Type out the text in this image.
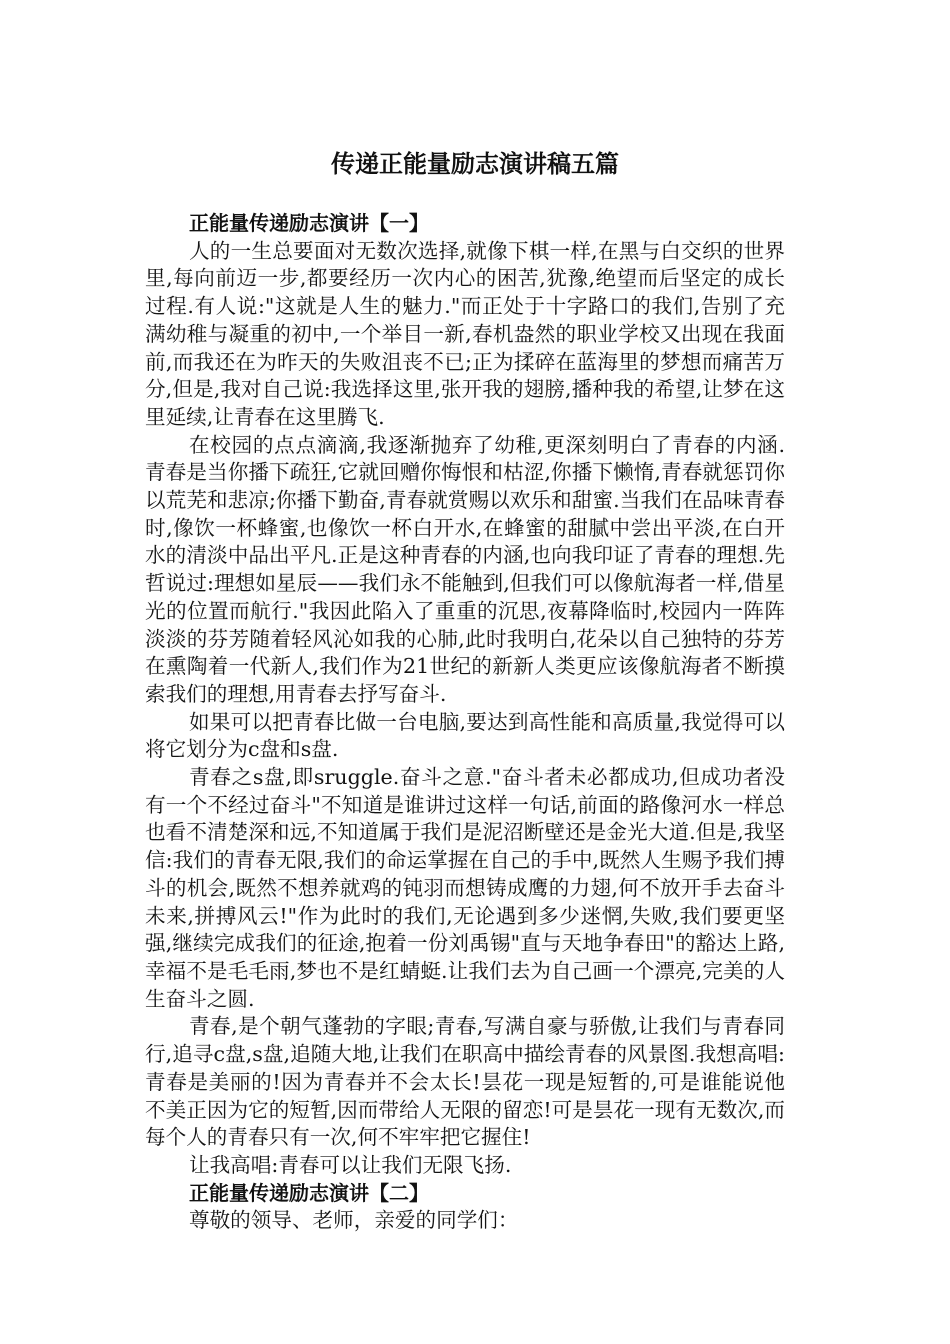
传递正能量励志演讲稿五篇
正能量传递励志演讲【一】

人的一生总要面对无数次选择,就像下棋一样,在黑与白交织的世界里,每向前迈一步,都要经历一次内心的困苦,犹豫,绝望而后坚定的成长过程.有人说:"这就是人生的魅力."而正处于十字路口的我们,告别了充满幼稚与凝重的初中,一个举目一新,春机盎然的职业学校又出现在我面前,而我还在为昨天的失败沮丧不已;正为揉碎在蓝海里的梦想而痛苦万分,但是,我对自己说:我选择这里,张开我的翅膀,播种我的希望,让梦在这里延续,让青春在这里腾飞.

在校园的点点滴滴,我逐渐抛弃了幼稚,更深刻明白了青春的内涵.青春是当你播下疏狂,它就回赠你悔恨和枯涩,你播下懒惰,青春就惩罚你以荒芜和悲凉;你播下勤奋,青春就赏赐以欢乐和甜蜜.当我们在品味青春时,像饮一杯蜂蜜,也像饮一杯白开水,在蜂蜜的甜腻中尝出平淡,在白开水的清淡中品出平凡.正是这种青春的内涵,也向我印证了青春的理想.先哲说过:理想如星辰——我们永不能触到,但我们可以像航海者一样,借星光的位置而航行."我因此陷入了重重的沉思,夜幕降临时,校园内一阵阵淡淡的芬芳随着轻风沁如我的心肺,此时我明白,花朵以自己独特的芬芳在熏陶着一代新人,我们作为21世纪的新新人类更应该像航海者不断摸索我们的理想,用青春去抒写奋斗.

如果可以把青春比做一台电脑,要达到高性能和高质量,我觉得可以将它划分为c盘和s盘.

青春之s盘,即sruggle.奋斗之意."奋斗者未必都成功,但成功者没有一个不经过奋斗"不知道是谁讲过这样一句话,前面的路像河水一样总也看不清楚深和远,不知道属于我们是泥沼断壁还是金光大道.但是,我坚信:我们的青春无限,我们的命运掌握在自己的手中,既然人生赐予我们搏斗的机会,既然不想养就鸡的钝羽而想铸成鹰的力翅,何不放开手去奋斗未来,拼搏风云!"作为此时的我们,无论遇到多少迷惘,失败,我们要更坚强,继续完成我们的征途,抱着一份刘禹锡"直与天地争春田"的豁达上路,幸福不是毛毛雨,梦也不是红蜻蜓.让我们去为自己画一个漂亮,完美的人生奋斗之圆.

青春,是个朝气蓬勃的字眼;青春,写满自豪与骄傲,让我们与青春同行,追寻c盘,s盘,追随大地,让我们在职高中描绘青春的风景图.我想高唱:青春是美丽的!因为青春并不会太长!昙花一现是短暂的,可是谁能说他不美正因为它的短暂,因而带给人无限的留恋!可是昙花一现有无数次,而每个人的青春只有一次,何不牢牢把它握住!

让我高唱:青春可以让我们无限飞扬.

正能量传递励志演讲【二】

尊敬的领导、老师，亲爱的同学们：
